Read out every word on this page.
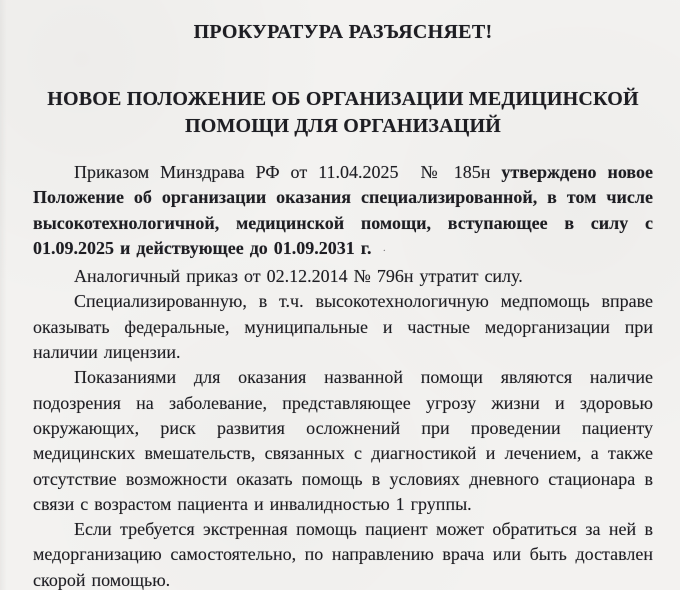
ПРОКУРАТУРА РАЗЪЯСНЯЕТ!
НОВОЕ ПОЛОЖЕНИЕ ОБ ОРГАНИЗАЦИИ МЕДИЦИНСКОЙ
ПОМОЩИ ДЛЯ ОРГАНИЗАЦИЙ

Приказом Минздрава РФ от 11.04.2025  № 185н утверждено новое Положение об организации оказания специализированной, в том числе высокотехнологичной, медицинской помощи, вступающее в силу с 01.09.2025 и действующее до 01.09.2031 г. ·

Аналогичный приказ от 02.12.2014 № 796н утратит силу.

Специализированную, в т.ч. высокотехнологичную медпомощь вправе оказывать федеральные, муниципальные и частные медорганизации при наличии лицензии.

Показаниями для оказания названной помощи являются наличие подозрения на заболевание, представляющее угрозу жизни и здоровью окружающих, риск развития осложнений при проведении пациенту медицинских вмешательств, связанных с диагностикой и лечением, а также отсутствие возможности оказать помощь в условиях дневного стационара в связи с возрастом пациента и инвалидностью 1 группы.

Если требуется экстренная помощь пациент может обратиться за ней в медорганизацию самостоятельно, по направлению врача или быть доставлен скорой помощью.
